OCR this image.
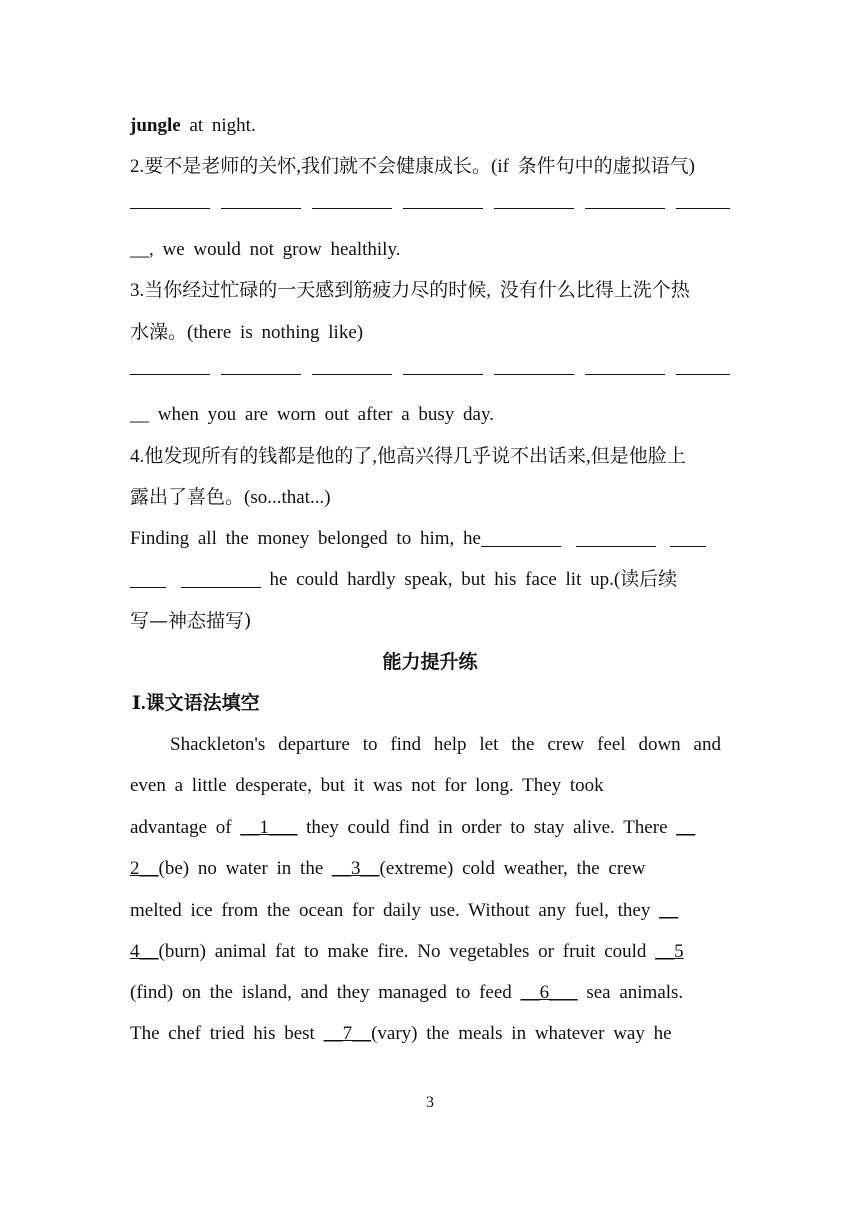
jungle at night.
2.要不是老师的关怀,我们就不会健康成长。(if 条件句中的虚拟语气)
__, we would not grow healthily.
3.当你经过忙碌的一天感到筋疲力尽的时候, 没有什么比得上洗个热
水澡。(there is nothing like)
__ when you are worn out after a busy day.
4.他发现所有的钱都是他的了,他高兴得几乎说不出话来,但是他脸上
露出了喜色。(so...that...)
Finding all the money belonged to him, he
he could hardly speak, but his face lit up.(读后续
写—神态描写)
能力提升练
Ⅰ.课文语法填空
Shackleton's departure to find help let the crew feel down and
even a little desperate, but it was not for long. They took
advantage of __1___ they could find in order to stay alive. There __
2__(be) no water in the __3__(extreme) cold weather, the crew
melted ice from the ocean for daily use. Without any fuel, they __
4__(burn) animal fat to make fire. No vegetables or fruit could __5
(find) on the island, and they managed to feed __6___ sea animals.
The chef tried his best __7__(vary) the meals in whatever way he
3
